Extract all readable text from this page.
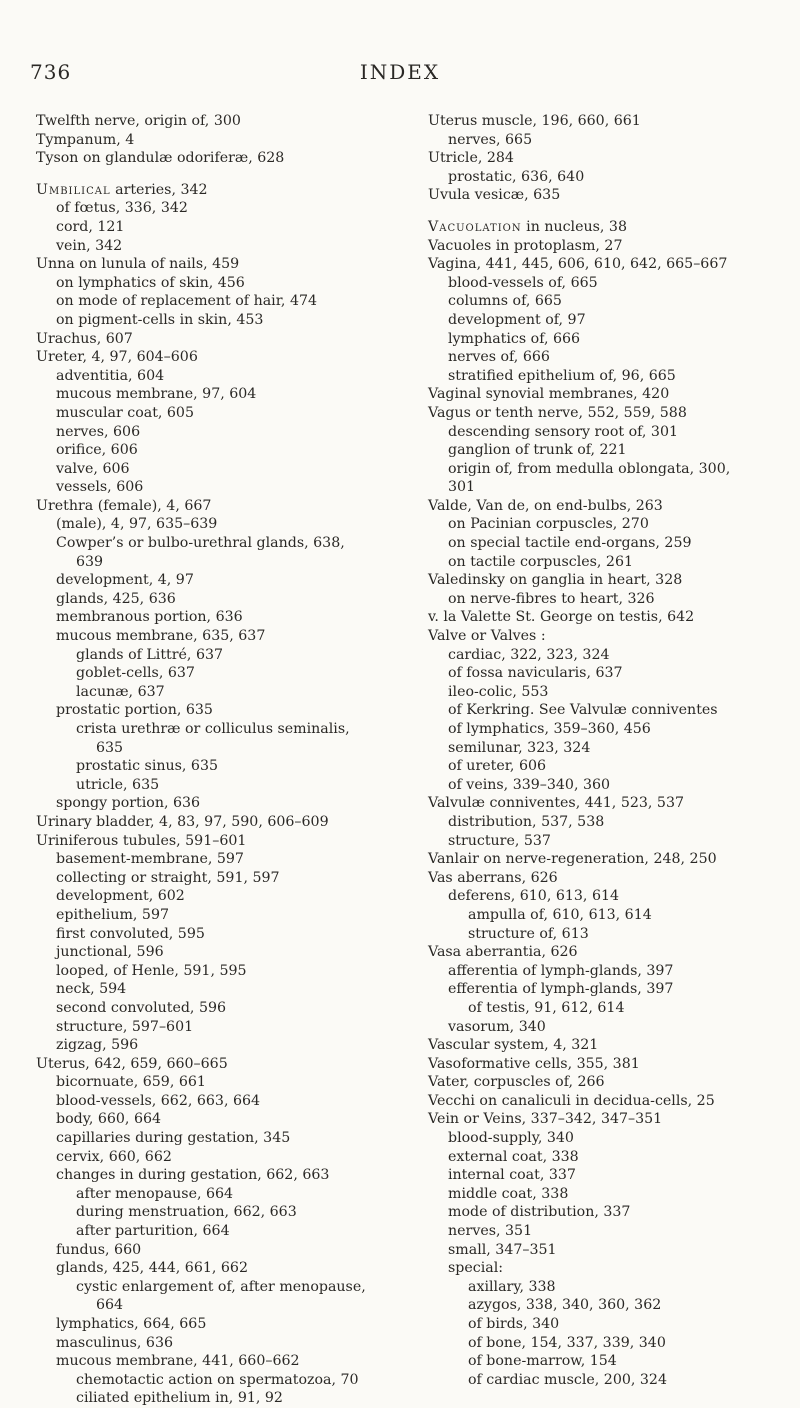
736	INDEX
Twelfth nerve, origin of, 300
Tympanum, 4
Tyson on glandulæ odoriferæ, 628
Umbilical arteries, 342
of fœtus, 336, 342
cord, 121
vein, 342
Unna on lunula of nails, 459
on lymphatics of skin, 456
on mode of replacement of hair, 474
on pigment-cells in skin, 453
Urachus, 607
Ureter, 4, 97, 604–606
adventitia, 604
mucous membrane, 97, 604
muscular coat, 605
nerves, 606
orifice, 606
valve, 606
vessels, 606
Urethra (female), 4, 667
(male), 4, 97, 635–639
Cowper’s or bulbo-urethral glands, 638,
639
development, 4, 97
glands, 425, 636
membranous portion, 636
mucous membrane, 635, 637
glands of Littré, 637
goblet-cells, 637
lacunæ, 637
prostatic portion, 635
crista urethræ or colliculus seminalis,
635
prostatic sinus, 635
utricle, 635
spongy portion, 636
Urinary bladder, 4, 83, 97, 590, 606–609
Uriniferous tubules, 591–601
basement-membrane, 597
collecting or straight, 591, 597
development, 602
epithelium, 597
first convoluted, 595
junctional, 596
looped, of Henle, 591, 595
neck, 594
second convoluted, 596
structure, 597–601
zigzag, 596
Uterus, 642, 659, 660–665
bicornuate, 659, 661
blood-vessels, 662, 663, 664
body, 660, 664
capillaries during gestation, 345
cervix, 660, 662
changes in during gestation, 662, 663
after menopause, 664
during menstruation, 662, 663
after parturition, 664
fundus, 660
glands, 425, 444, 661, 662
cystic enlargement of, after menopause,
664
lymphatics, 664, 665
masculinus, 636
mucous membrane, 441, 660–662
chemotactic action on spermatozoa, 70
ciliated epithelium in, 91, 92
Uterus muscle, 196, 660, 661
nerves, 665
Utricle, 284
prostatic, 636, 640
Uvula vesicæ, 635
Vacuolation in nucleus, 38
Vacuoles in protoplasm, 27
Vagina, 441, 445, 606, 610, 642, 665–667
blood-vessels of, 665
columns of, 665
development of, 97
lymphatics of, 666
nerves of, 666
stratified epithelium of, 96, 665
Vaginal synovial membranes, 420
Vagus or tenth nerve, 552, 559, 588
descending sensory root of, 301
ganglion of trunk of, 221
origin of, from medulla oblongata, 300,
301
Valde, Van de, on end-bulbs, 263
on Pacinian corpuscles, 270
on special tactile end-organs, 259
on tactile corpuscles, 261
Valedinsky on ganglia in heart, 328
on nerve-fibres to heart, 326
v. la Valette St. George on testis, 642
Valve or Valves :
cardiac, 322, 323, 324
of fossa navicularis, 637
ileo-colic, 553
of Kerkring. See Valvulæ conniventes
of lymphatics, 359–360, 456
semilunar, 323, 324
of ureter, 606
of veins, 339–340, 360
Valvulæ conniventes, 441, 523, 537
distribution, 537, 538
structure, 537
Vanlair on nerve-regeneration, 248, 250
Vas aberrans, 626
deferens, 610, 613, 614
ampulla of, 610, 613, 614
structure of, 613
Vasa aberrantia, 626
afferentia of lymph-glands, 397
efferentia of lymph-glands, 397
of testis, 91, 612, 614
vasorum, 340
Vascular system, 4, 321
Vasoformative cells, 355, 381
Vater, corpuscles of, 266
Vecchi on canaliculi in decidua-cells, 25
Vein or Veins, 337–342, 347–351
blood-supply, 340
external coat, 338
internal coat, 337
middle coat, 338
mode of distribution, 337
nerves, 351
small, 347–351
special:
axillary, 338
azygos, 338, 340, 360, 362
of birds, 340
of bone, 154, 337, 339, 340
of bone-marrow, 154
of cardiac muscle, 200, 324
